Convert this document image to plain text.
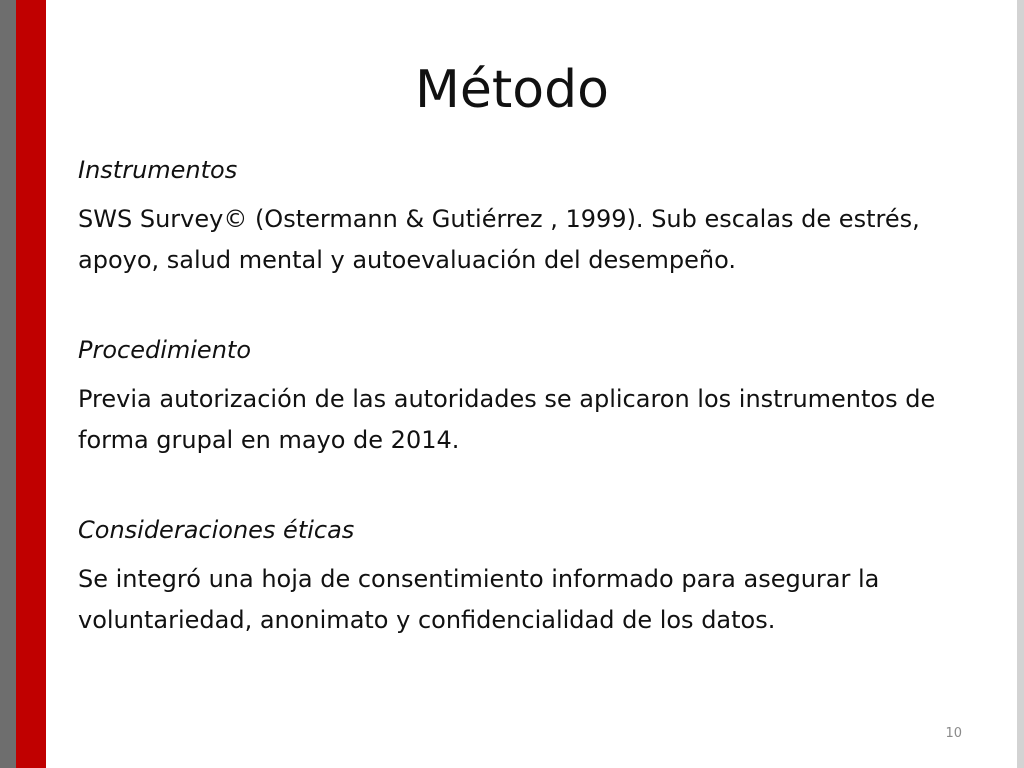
Método

Instrumentos

SWS Survey© (Ostermann & Gutiérrez , 1999). Sub escalas de estrés, apoyo, salud mental y autoevaluación del desempeño.

Procedimiento

Previa autorización de las autoridades se aplicaron los instrumentos de forma grupal en mayo de 2014.

Consideraciones éticas

Se integró una hoja de consentimiento informado para asegurar la voluntariedad, anonimato y confidencialidad de los datos.

10
